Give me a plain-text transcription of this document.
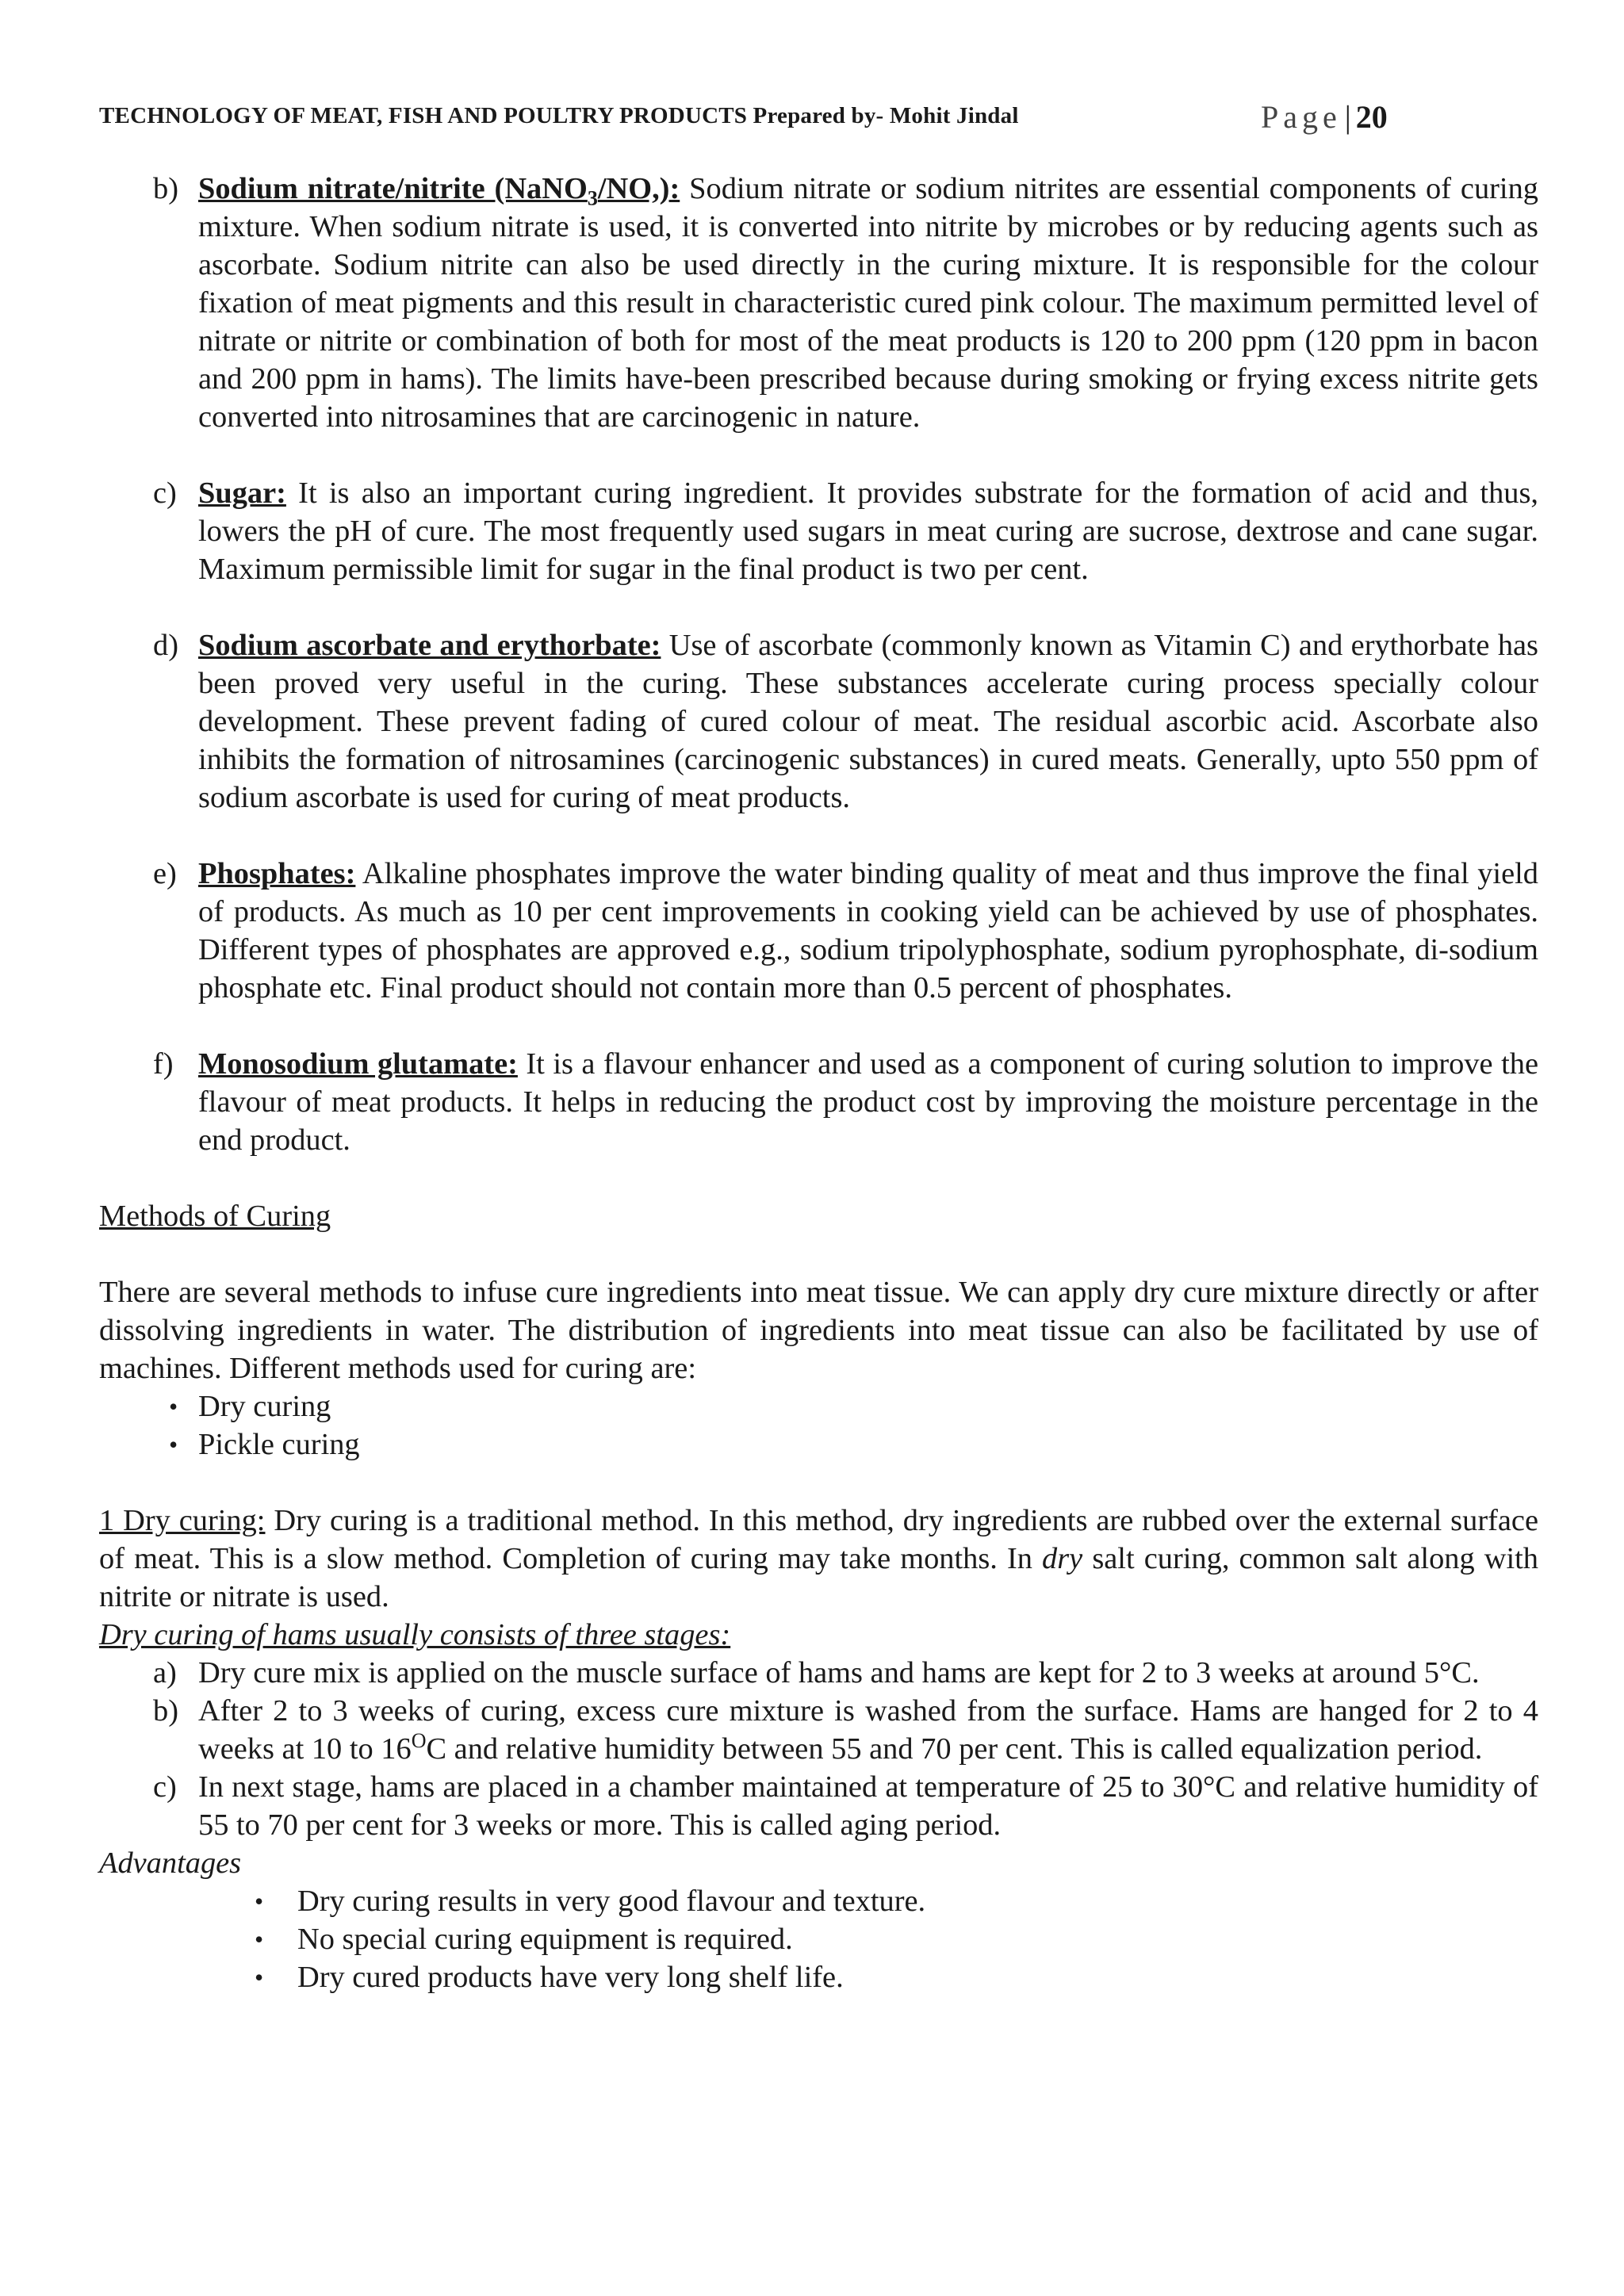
TECHNOLOGY OF MEAT, FISH AND POULTRY PRODUCTS Prepared by- Mohit Jindal	Page | 20
b) Sodium nitrate/nitrite (NaNO$_3$/NO,): Sodium nitrate or sodium nitrites are essential components of curing mixture. When sodium nitrate is used, it is converted into nitrite by microbes or by reducing agents such as ascorbate. Sodium nitrite can also be used directly in the curing mixture. It is responsible for the colour fixation of meat pigments and this result in characteristic cured pink colour. The maximum permitted level of nitrate or nitrite or combination of both for most of the meat products is 120 to 200 ppm (120 ppm in bacon and 200 ppm in hams). The limits have-been prescribed because during smoking or frying excess nitrite gets converted into nitrosamines that are carcinogenic in nature.
c) Sugar: It is also an important curing ingredient. It provides substrate for the formation of acid and thus, lowers the pH of cure. The most frequently used sugars in meat curing are sucrose, dextrose and cane sugar. Maximum permissible limit for sugar in the final product is two per cent.
d) Sodium ascorbate and erythorbate: Use of ascorbate (commonly known as Vitamin C) and erythorbate has been proved very useful in the curing. These substances accelerate curing process specially colour development. These prevent fading of cured colour of meat. The residual ascorbic acid. Ascorbate also inhibits the formation of nitrosamines (carcinogenic substances) in cured meats. Generally, upto 550 ppm of sodium ascorbate is used for curing of meat products.
e) Phosphates: Alkaline phosphates improve the water binding quality of meat and thus improve the final yield of products. As much as 10 per cent improvements in cooking yield can be achieved by use of phosphates. Different types of phosphates are approved e.g., sodium tripolyphosphate, sodium pyrophosphate, di-sodium phosphate etc. Final product should not contain more than 0.5 percent of phosphates.
f) Monosodium glutamate: It is a flavour enhancer and used as a component of curing solution to improve the flavour of meat products. It helps in reducing the product cost by improving the moisture percentage in the end product.

Methods of Curing

There are several methods to infuse cure ingredients into meat tissue. We can apply dry cure mixture directly or after dissolving ingredients in water. The distribution of ingredients into meat tissue can also be facilitated by use of machines. Different methods used for curing are:

• Dry curing
• Pickle curing

1 Dry curing: Dry curing is a traditional method. In this method, dry ingredients are rubbed over the external surface of meat. This is a slow method. Completion of curing may take months. In dry salt curing, common salt along with nitrite or nitrate is used.

Dry curing of hams usually consists of three stages:

a) Dry cure mix is applied on the muscle surface of hams and hams are kept for 2 to 3 weeks at around 5°C.
b) After 2 to 3 weeks of curing, excess cure mixture is washed from the surface. Hams are hanged for 2 to 4 weeks at 10 to $16^OC$ and relative humidity between 55 and 70 per cent. This is called equalization period.
c) In next stage, hams are placed in a chamber maintained at temperature of 25 to 30°C and relative humidity of 55 to 70 per cent for 3 weeks or more. This is called aging period.

Advantages

• Dry curing results in very good flavour and texture.
• No special curing equipment is required.
• Dry cured products have very long shelf life.
